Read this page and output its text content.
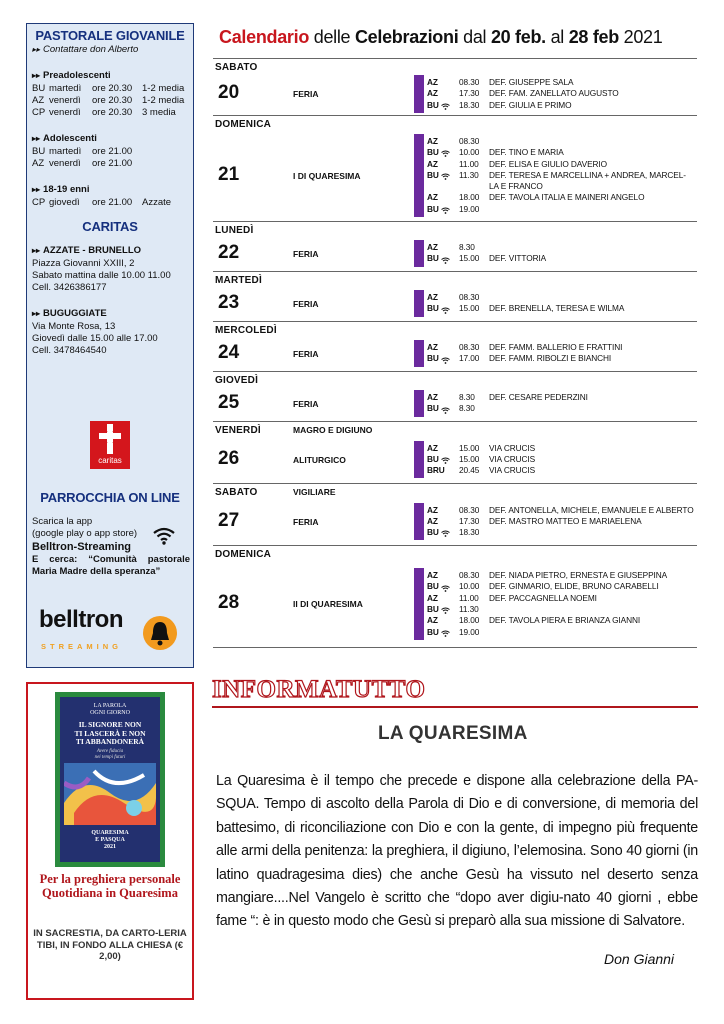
PASTORALE GIOVANILE
▸▸ Contattare don Alberto
▸▸ Preadolescenti
BU martedì	ore 20.30	1-2 media
AZ venerdì	ore 20.30	1-2 media
CP venerdì	ore 20.30	3 media
▸▸ Adolescenti
BU martedì	ore 21.00
AZ venerdì	ore 21.00
▸▸ 18-19 enni
CP giovedì	ore 21.00	Azzate
CARITAS
▸▸ AZZATE - BRUNELLO
Piazza Giovanni XXIII, 2
Sabato mattina dalle 10.00 11.00
Cell. 3426386177
▸▸ BUGUGGIATE
Via Monte Rosa, 13
Giovedì dalle 15.00 alle 17.00
Cell. 3478464540
caritas
PARROCCHIA ON LINE
Scarica la app
(google play o app store)
Belltron-Streaming
E cerca: “Comunità pastorale Maria Madre della speranza”
belltron
STREAMING
Calendario delle Celebrazioni dal 20 feb. al 28 feb 2021
SABATO
20	FERIA
AZ	08.30	DEF. GIUSEPPE SALA
AZ	17.30	DEF. FAM. ZANELLATO AUGUSTO
BU 18.30	DEF. GIULIA E PRIMO
DOMENICA
21	I DI QUARESIMA
AZ	08.30
BU 10.00	DEF. TINO E MARIA
AZ	11.00	DEF. ELISA E GIULIO DAVERIO
BU 11.30	DEF. TERESA E MARCELLINA + ANDREA, MARCEL-
LA E FRANCO
AZ	18.00	DEF. TAVOLA ITALIA E MAINERI ANGELO
BU 19.00
LUNEDÌ
22	FERIA
AZ	8.30
BU 15.00	DEF. VITTORIA
MARTEDÌ
23	FERIA
AZ	08.30
BU 15.00	DEF. BRENELLA, TERESA E WILMA
MERCOLEDÌ
24	FERIA
AZ	08.30	DEF. FAMM. BALLERIO E FRATTINI
BU 17.00	DEF. FAMM. RIBOLZI E BIANCHI
GIOVEDÌ
25	FERIA
AZ	8.30	DEF. CESARE PEDERZINI
BU 8.30
VENERDÌ	MAGRO E DIGIUNO
26	ALITURGICO
AZ	15.00	VIA CRUCIS
BU 15.00	VIA CRUCIS
BRU 20.45	VIA CRUCIS
SABATO	VIGILIARE
27	FERIA
AZ	08.30	DEF. ANTONELLA, MICHELE, EMANUELE E ALBERTO
AZ	17.30	DEF. MASTRO MATTEO E MARIAELENA
BU 18.30
DOMENICA
28	II DI QUARESIMA
AZ	08.30	DEF. NIADA PIETRO, ERNESTA E GIUSEPPINA
BU 10.00	DEF. GINMARIO, ELIDE, BRUNO CARABELLI
AZ	11.00	DEF. PACCAGNELLA NOEMI
BU 11.30
AZ	18.00	DEF. TAVOLA PIERA E BRIANZA GIANNI
BU 19.00
LA PAROLA
OGNI GIORNO
IL SIGNORE NON
TI LASCERÀ E NON
TI ABBANDONERÀ
Avere fiducia
nei tempi futuri
QUARESIMA
E PASQUA
2021
Per la preghiera personale Quotidiana in Quaresima
IN SACRESTIA, DA CARTO-LERIA TIBI, IN FONDO ALLA CHIESA (€ 2,00)
INFORMATUTTO
LA QUARESIMA
La Quaresima è il tempo che precede e dispone alla celebrazione della PA-SQUA. Tempo di ascolto della Parola di Dio e di conversione, di memoria del battesimo, di riconciliazione con Dio e con la gente, di impegno più frequente alle armi della penitenza: la preghiera, il digiuno, l’elemosina. Sono 40 giorni (in latino quadragesima dies) che anche Gesù ha vissuto nel deserto senza mangiare....Nel Vangelo è scritto che “dopo aver digiu-nato 40 giorni , ebbe fame “: è in questo modo che Gesù si preparò alla sua missione di Salvatore.
Don Gianni
